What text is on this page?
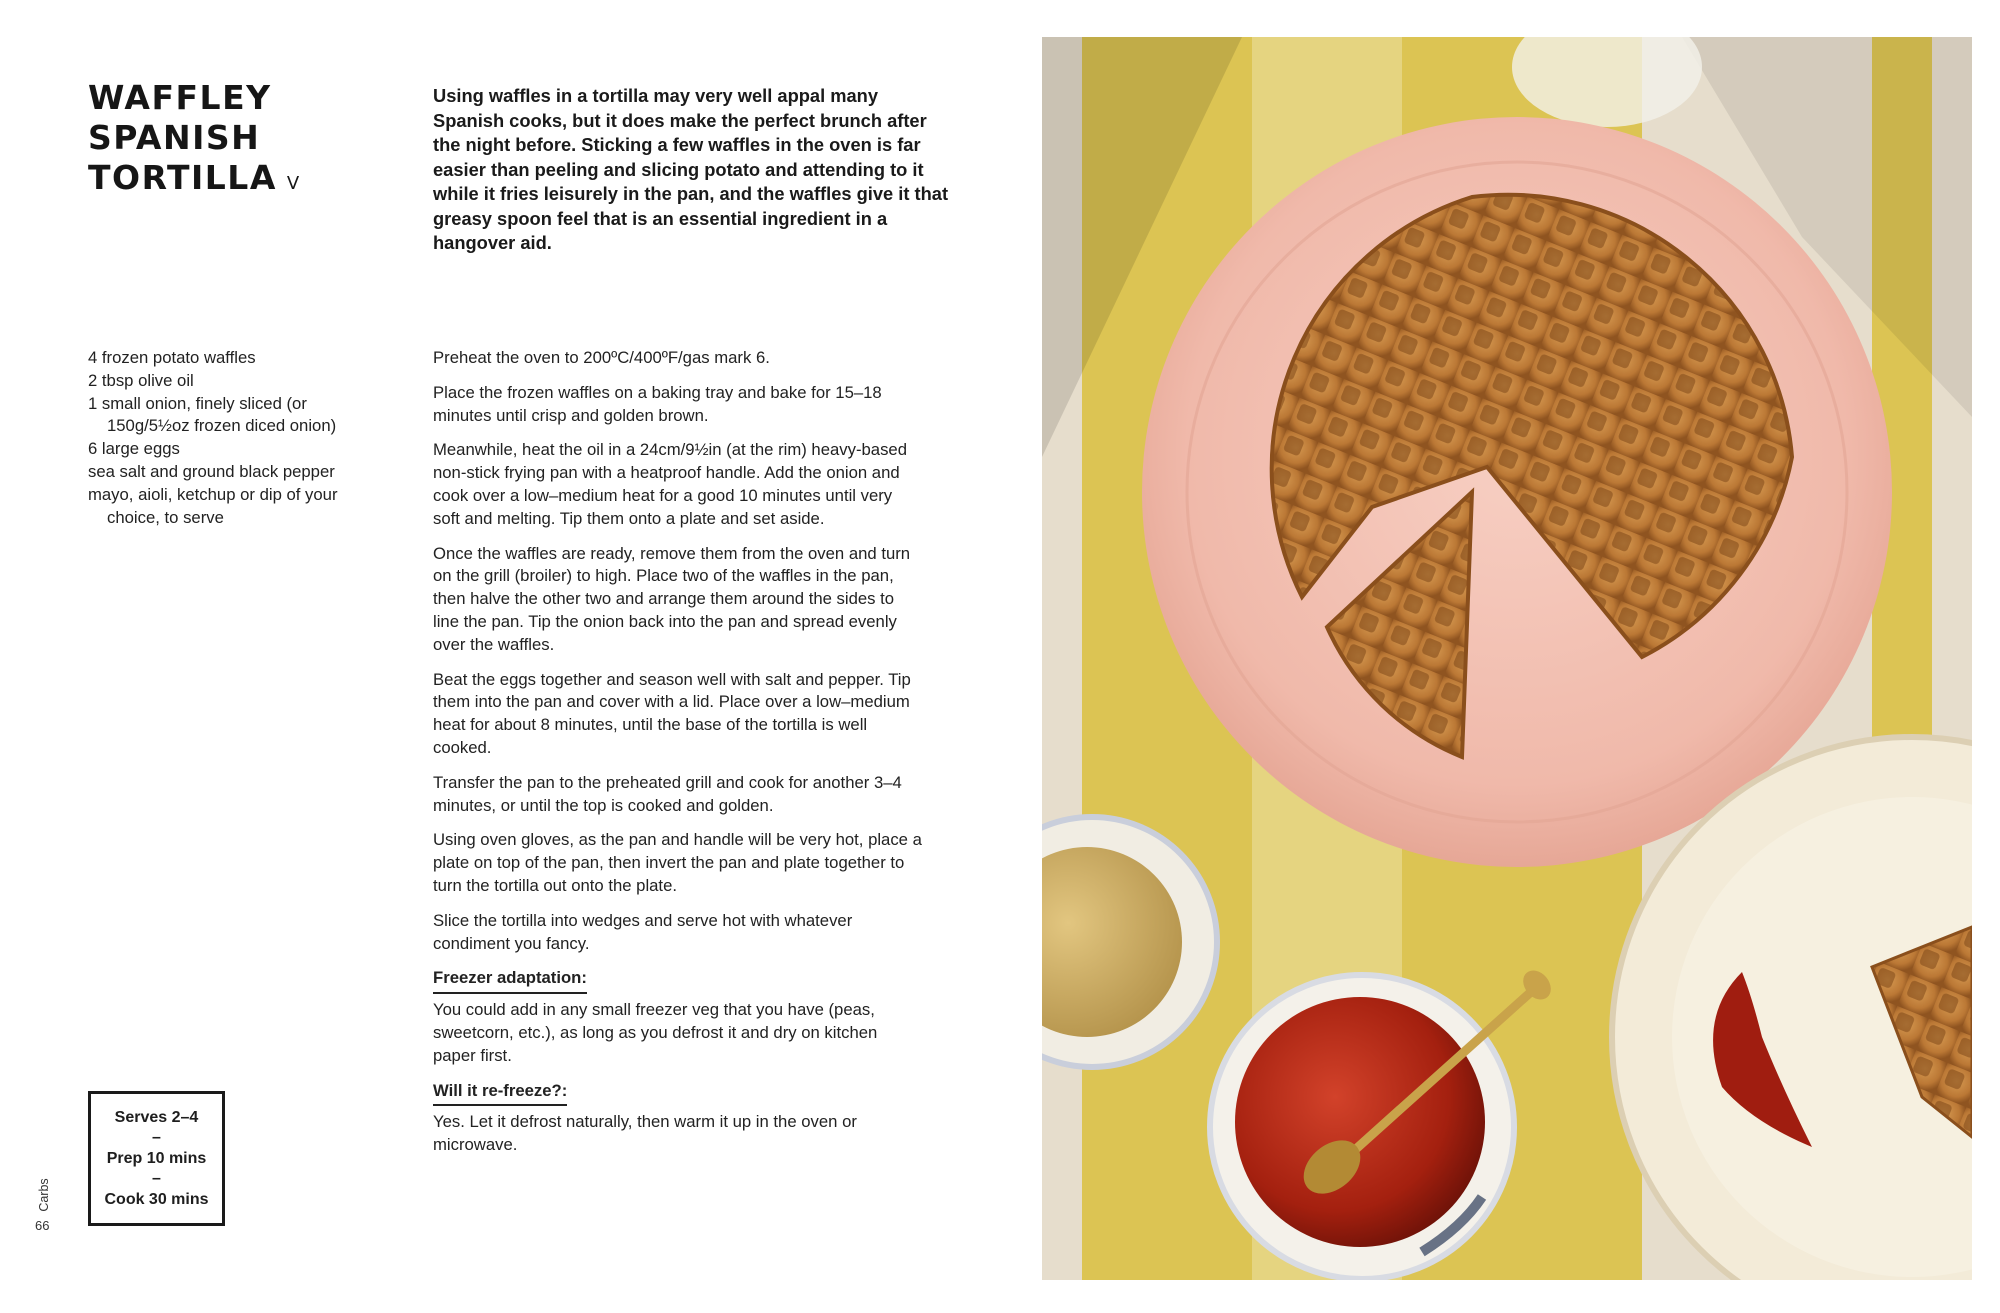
WAFFLEY SPANISH TORTILLA V
Using waffles in a tortilla may very well appal many Spanish cooks, but it does make the perfect brunch after the night before. Sticking a few waffles in the oven is far easier than peeling and slicing potato and attending to it while it fries leisurely in the pan, and the waffles give it that greasy spoon feel that is an essential ingredient in a hangover aid.
4 frozen potato waffles
2 tbsp olive oil
1 small onion, finely sliced (or 150g/5½oz frozen diced onion)
6 large eggs
sea salt and ground black pepper
mayo, aioli, ketchup or dip of your choice, to serve

Preheat the oven to 200ºC/400ºF/gas mark 6.

Place the frozen waffles on a baking tray and bake for 15–18 minutes until crisp and golden brown.

Meanwhile, heat the oil in a 24cm/9½in (at the rim) heavy-based non-stick frying pan with a heatproof handle. Add the onion and cook over a low–medium heat for a good 10 minutes until very soft and melting. Tip them onto a plate and set aside.

Once the waffles are ready, remove them from the oven and turn on the grill (broiler) to high. Place two of the waffles in the pan, then halve the other two and arrange them around the sides to line the pan. Tip the onion back into the pan and spread evenly over the waffles.

Beat the eggs together and season well with salt and pepper. Tip them into the pan and cover with a lid. Place over a low–medium heat for about 8 minutes, until the base of the tortilla is well cooked.

Transfer the pan to the preheated grill and cook for another 3–4 minutes, or until the top is cooked and golden.

Using oven gloves, as the pan and handle will be very hot, place a plate on top of the pan, then invert the pan and plate together to turn the tortilla out onto the plate.

Slice the tortilla into wedges and serve hot with whatever condiment you fancy.

Freezer adaptation:

You could add in any small freezer veg that you have (peas, sweetcorn, etc.), as long as you defrost it and dry on kitchen paper first.

Will it re-freeze?:

Yes. Let it defrost naturally, then warm it up in the oven or microwave.

Serves 2–4
–
Prep 10 mins
–
Cook 30 mins
Carbs
66
